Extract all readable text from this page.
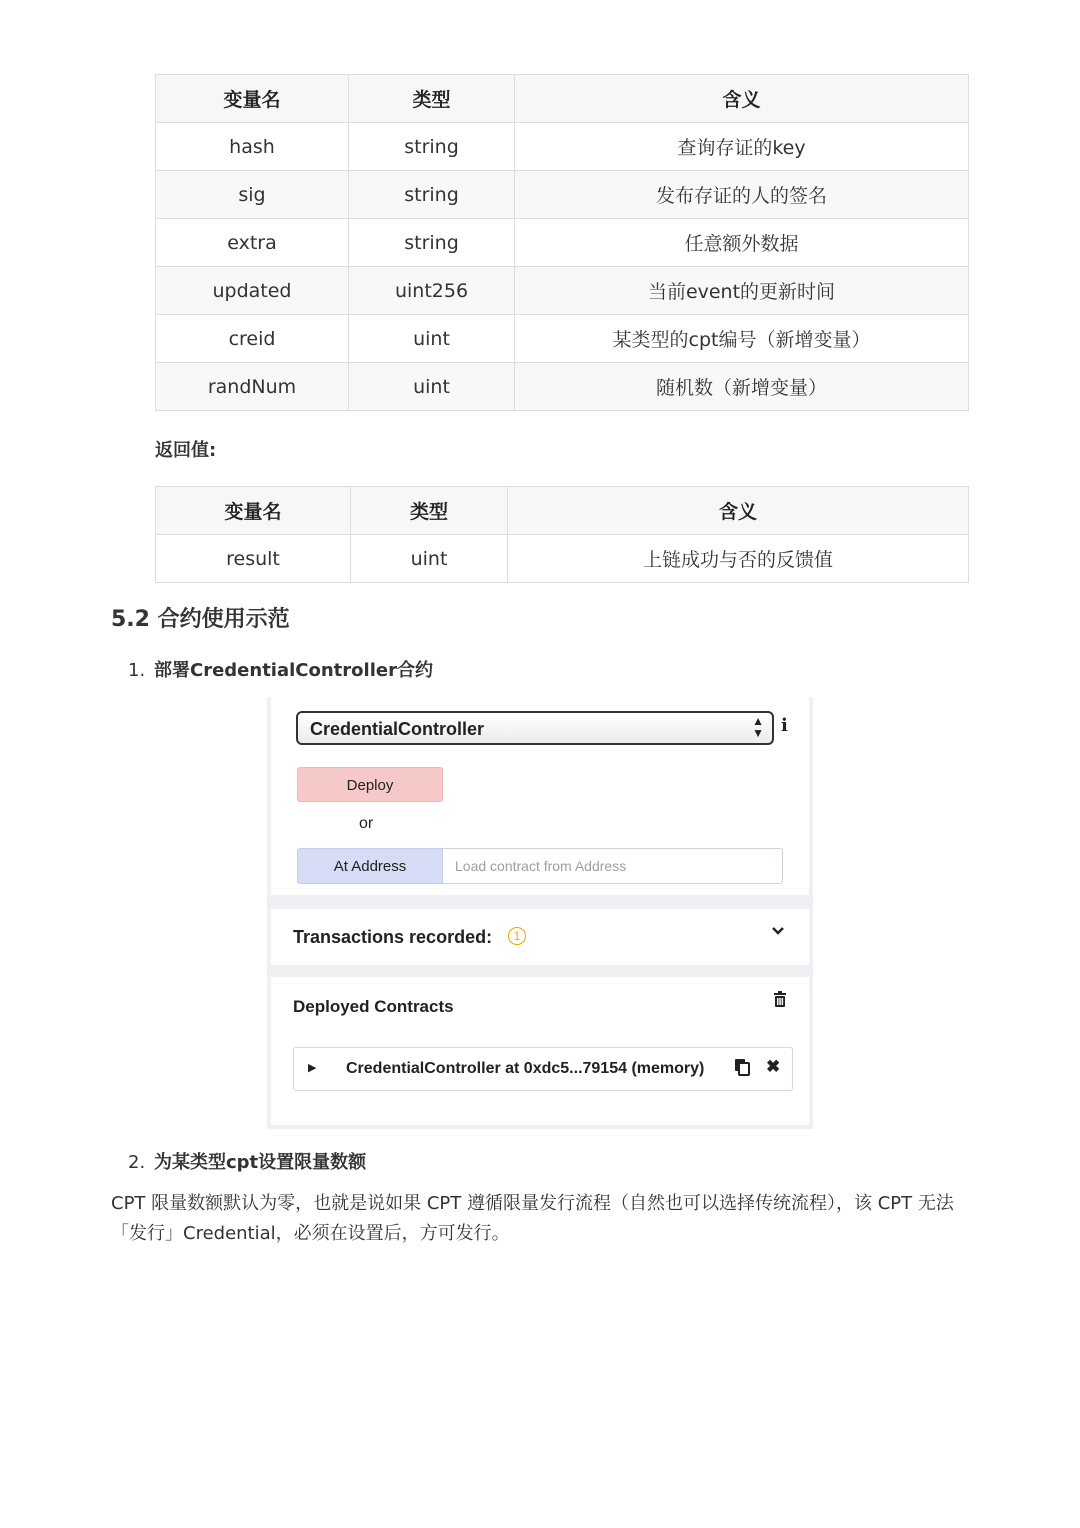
变量名	类型	含义
hash	string	查询存证的key
sig	string	发布存证的人的签名
extra	string	任意额外数据
updated	uint256	当前event的更新时间
creid	uint	某类型的cpt编号（新增变量）
randNum	uint	随机数（新增变量）
返回值:
变量名	类型	含义
result	uint	上链成功与否的反馈值
5.2 合约使用示范
1. 部署CredentialController合约
CredentialController	▲
▼ i
Deploy
or
At Address	Load contract from Address
Transactions recorded:	1
Deployed Contracts
▶ CredentialController at 0xdc5...79154 (memory)	✖
2. 为某类型cpt设置限量数额
CPT 限量数额默认为零，也就是说如果 CPT 遵循限量发行流程（自然也可以选择传统流程），该 CPT 无法「发行」Credential，必须在设置后，方可发行。
